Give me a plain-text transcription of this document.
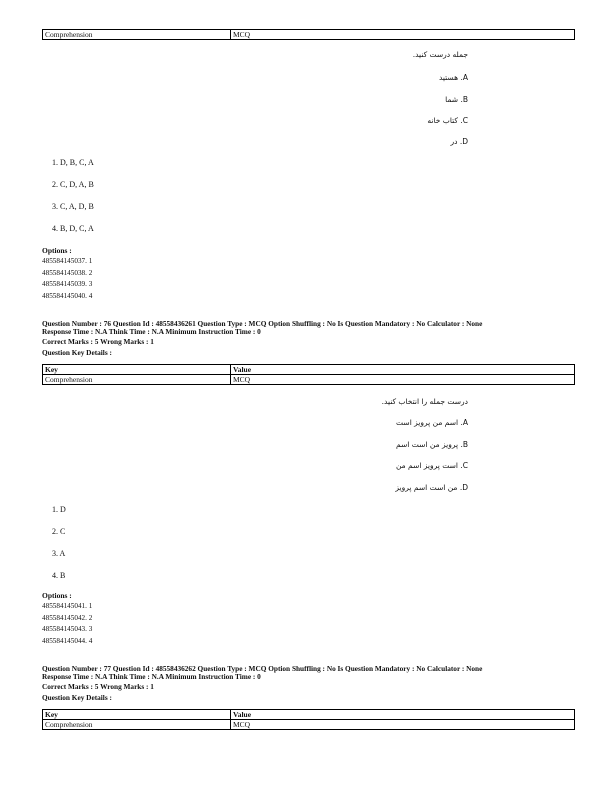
Comprehension	MCQ
جمله درست کنید.
A. هستید
B. شما
C. کتاب خانه
D. در
1. D, B, C, A
2. C, D, A, B
3. C, A, D, B
4. B, D, C, A
Options :
485584145037. 1
485584145038. 2
485584145039. 3
485584145040. 4
Question Number : 76 Question Id : 48558436261 Question Type : MCQ Option Shuffling : No Is Question Mandatory : No Calculator : None
Response Time : N.A Think Time : N.A Minimum Instruction Time : 0
Correct Marks : 5 Wrong Marks : 1
Question Key Details :
Key	Value
Comprehension	MCQ
درست جمله را انتخاب کنید.
A. اسم من پرویز است
B. پرویز من است اسم
C. است پرویز اسم من
D. من است اسم پرویز
1. D
2. C
3. A
4. B
Options :
485584145041. 1
485584145042. 2
485584145043. 3
485584145044. 4
Question Number : 77 Question Id : 48558436262 Question Type : MCQ Option Shuffling : No Is Question Mandatory : No Calculator : None
Response Time : N.A Think Time : N.A Minimum Instruction Time : 0
Correct Marks : 5 Wrong Marks : 1
Question Key Details :
Key	Value
Comprehension	MCQ
